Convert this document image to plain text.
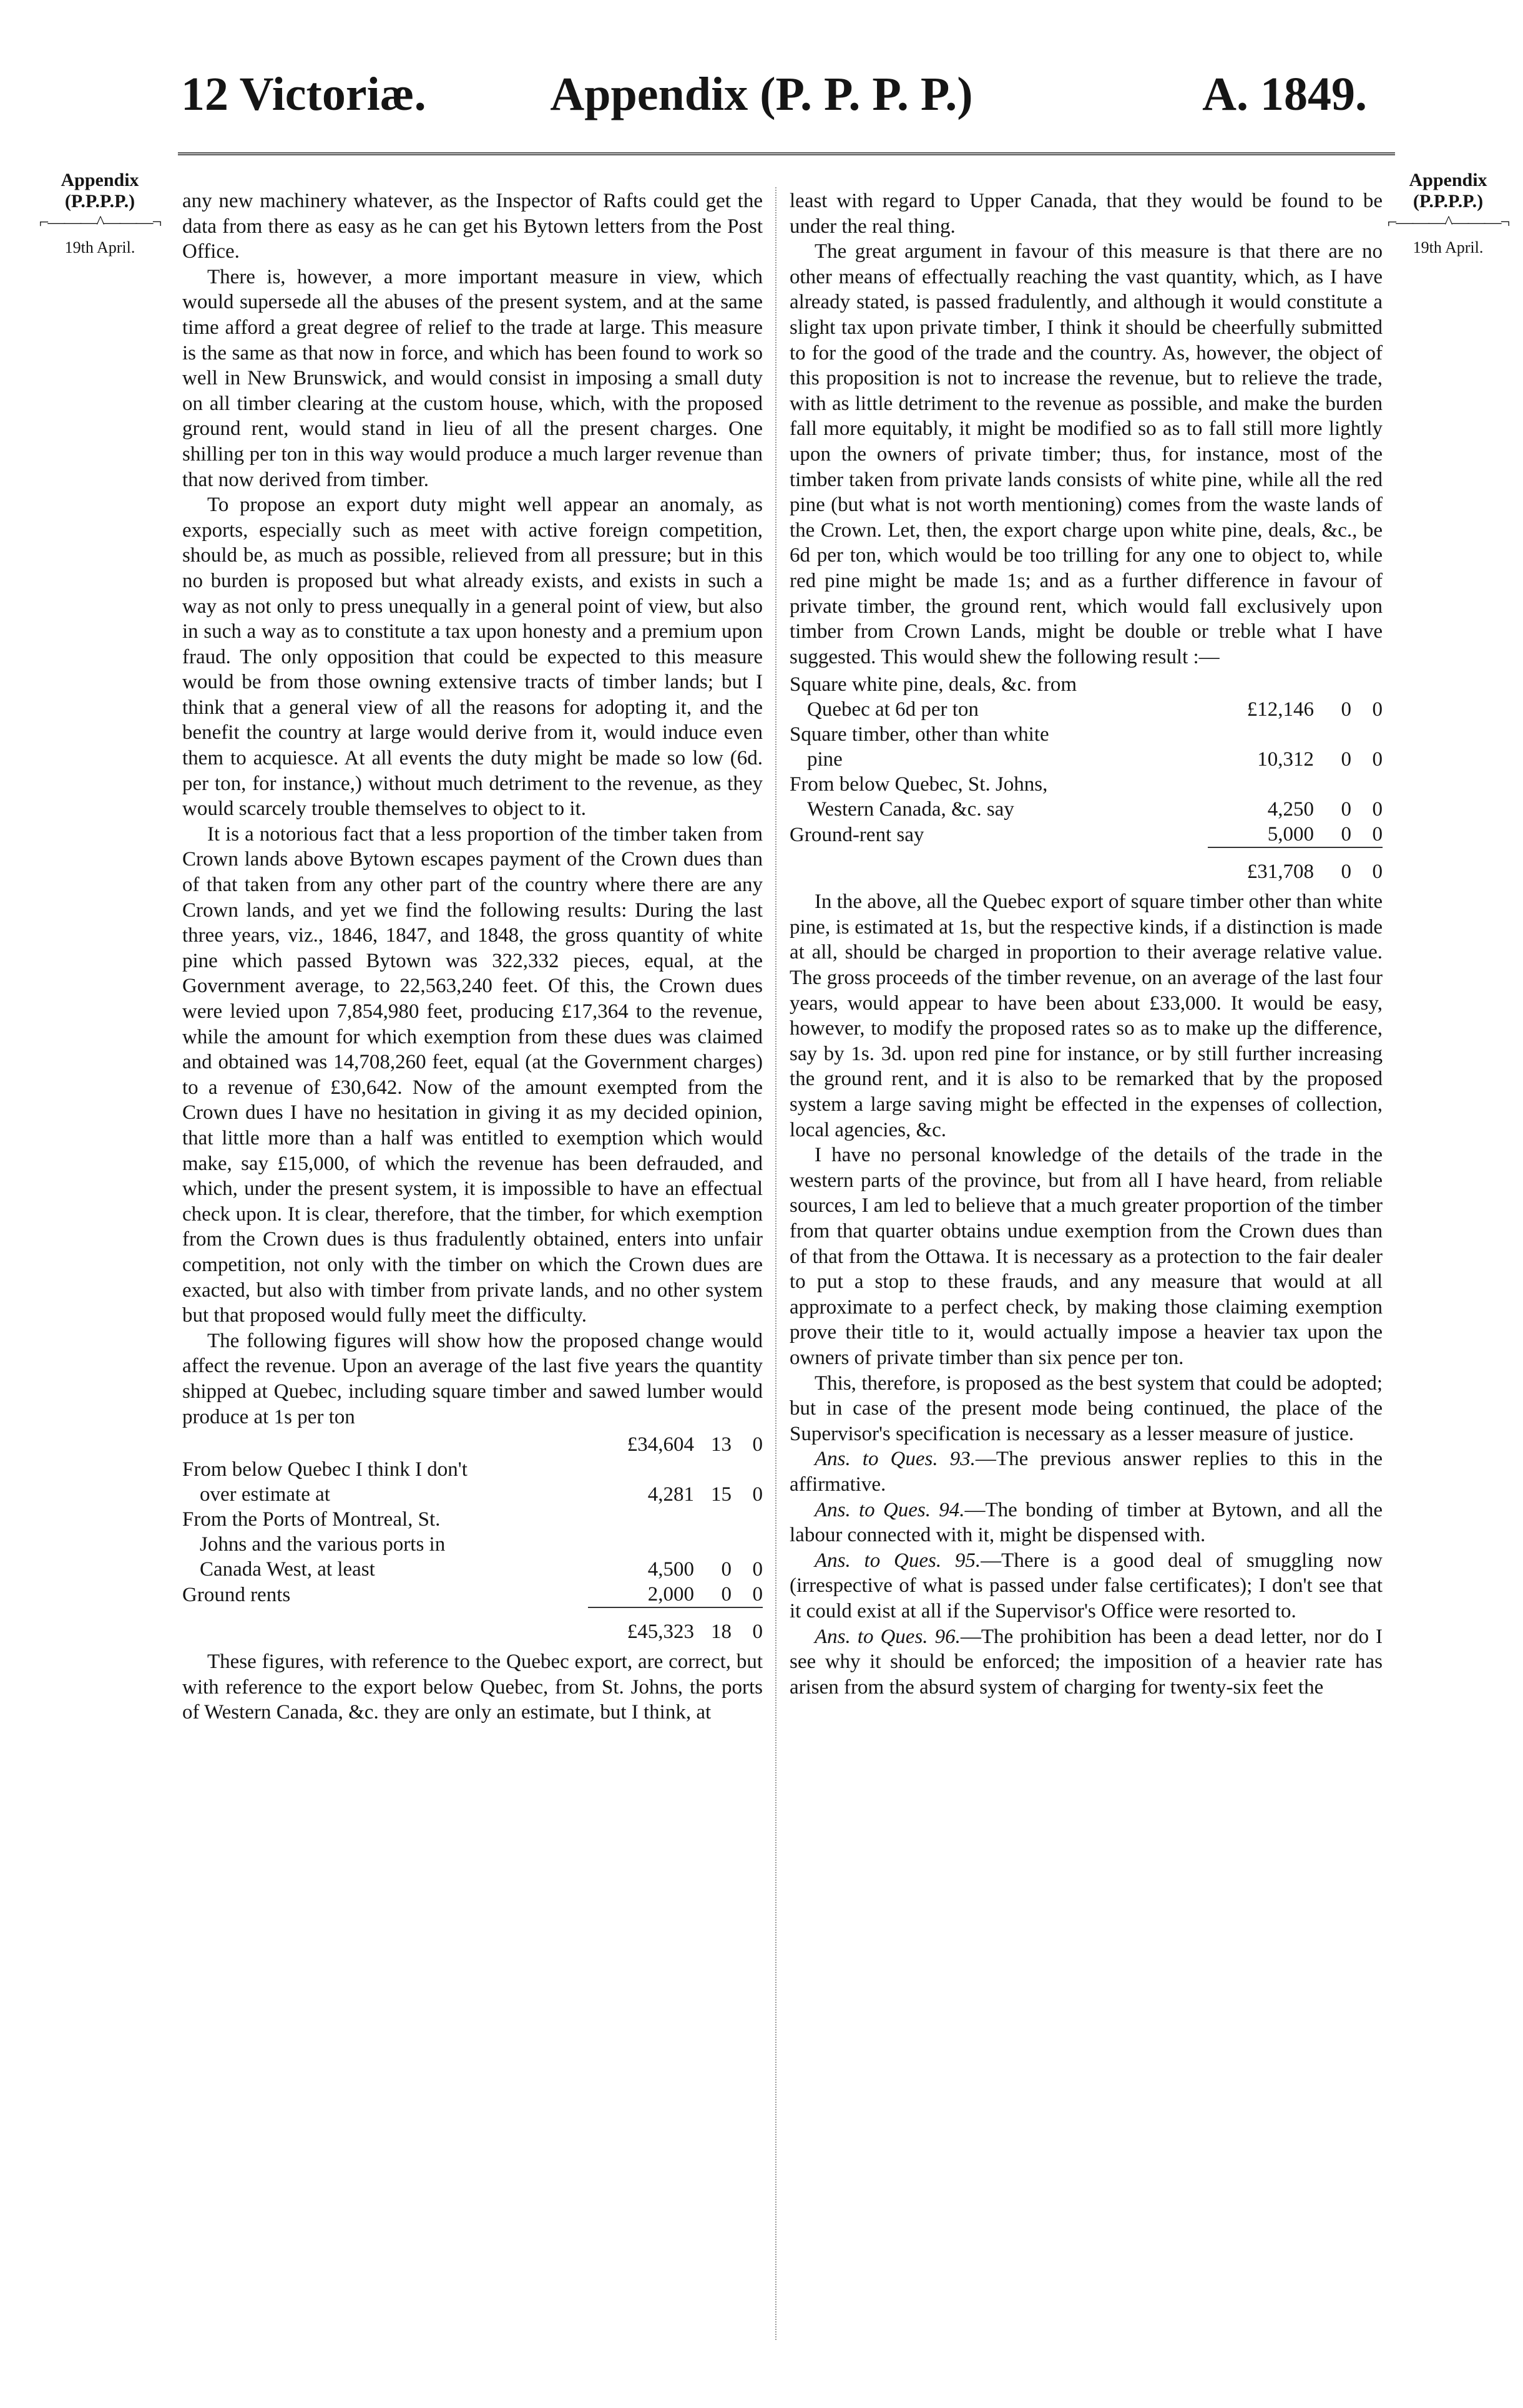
12 Victoriæ.	Appendix (P. P. P. P.)	A. 1849.
Appendix
(P.P.P.P.)
⌐———^———¬
19th April.
Appendix
(P.P.P.P.)
⌐———^———¬
19th April.

any new machinery whatever, as the Inspector of Rafts could get the data from there as easy as he can get his Bytown letters from the Post Office.

There is, however, a more important measure in view, which would supersede all the abuses of the present system, and at the same time afford a great degree of relief to the trade at large. This measure is the same as that now in force, and which has been found to work so well in New Brunswick, and would consist in imposing a small duty on all timber clearing at the custom house, which, with the proposed ground rent, would stand in lieu of all the present charges. One shilling per ton in this way would produce a much larger revenue than that now derived from timber.

To propose an export duty might well appear an anomaly, as exports, especially such as meet with active foreign competition, should be, as much as possible, relieved from all pressure; but in this no burden is proposed but what already exists, and exists in such a way as not only to press unequally in a general point of view, but also in such a way as to constitute a tax upon honesty and a premium upon fraud. The only opposition that could be expected to this measure would be from those owning extensive tracts of timber lands; but I think that a general view of all the reasons for adopting it, and the benefit the country at large would derive from it, would induce even them to acquiesce. At all events the duty might be made so low (6d. per ton, for instance,) without much detriment to the revenue, as they would scarcely trouble themselves to object to it.

It is a notorious fact that a less proportion of the timber taken from Crown lands above Bytown escapes payment of the Crown dues than of that taken from any other part of the country where there are any Crown lands, and yet we find the following results: During the last three years, viz., 1846, 1847, and 1848, the gross quantity of white pine which passed Bytown was 322,332 pieces, equal, at the Government average, to 22,563,240 feet. Of this, the Crown dues were levied upon 7,854,980 feet, producing £17,364 to the revenue, while the amount for which exemption from these dues was claimed and obtained was 14,708,260 feet, equal (at the Government charges) to a revenue of £30,642. Now of the amount exempted from the Crown dues I have no hesitation in giving it as my decided opinion, that little more than a half was entitled to exemption which would make, say £15,000, of which the revenue has been defrauded, and which, under the present system, it is impossible to have an effectual check upon. It is clear, therefore, that the timber, for which exemption from the Crown dues is thus fradulently obtained, enters into unfair competition, not only with the timber on which the Crown dues are exacted, but also with timber from private lands, and no other system but that proposed would fully meet the difficulty.

The following figures will show how the proposed change would affect the revenue. Upon an average of the last five years the quantity shipped at Quebec, including square timber and sawed lumber would produce at 1s per ton

	£34,604	13	0
From below Quebec I think I don't
over estimate at	4,281	15	0
From the Ports of Montreal, St.
Johns and the various ports in
Canada West, at least	4,500	0	0
Ground rents	2,000	0	0
	£45,323	18	0

These figures, with reference to the Quebec export, are correct, but with reference to the export below Quebec, from St. Johns, the ports of Western Canada, &c. they are only an estimate, but I think, at

least with regard to Upper Canada, that they would be found to be under the real thing.

The great argument in favour of this measure is that there are no other means of effectually reaching the vast quantity, which, as I have already stated, is passed fradulently, and although it would constitute a slight tax upon private timber, I think it should be cheerfully submitted to for the good of the trade and the country. As, however, the object of this proposition is not to increase the revenue, but to relieve the trade, with as little detriment to the revenue as possible, and make the burden fall more equitably, it might be modified so as to fall still more lightly upon the owners of private timber; thus, for instance, most of the timber taken from private lands consists of white pine, while all the red pine (but what is not worth mentioning) comes from the waste lands of the Crown. Let, then, the export charge upon white pine, deals, &c., be 6d per ton, which would be too trilling for any one to object to, while red pine might be made 1s; and as a further difference in favour of private timber, the ground rent, which would fall exclusively upon timber from Crown Lands, might be double or treble what I have suggested. This would shew the following result :—

Square white pine, deals, &c. from
Quebec at 6d per ton	£12,146	0	0
Square timber, other than white
pine	10,312	0	0
From below Quebec, St. Johns,
Western Canada, &c. say	4,250	0	0
Ground-rent say	5,000	0	0
	£31,708	0	0

In the above, all the Quebec export of square timber other than white pine, is estimated at 1s, but the respective kinds, if a distinction is made at all, should be charged in proportion to their average relative value. The gross proceeds of the timber revenue, on an average of the last four years, would appear to have been about £33,000. It would be easy, however, to modify the proposed rates so as to make up the difference, say by 1s. 3d. upon red pine for instance, or by still further increasing the ground rent, and it is also to be remarked that by the proposed system a large saving might be effected in the expenses of collection, local agencies, &c.

I have no personal knowledge of the details of the trade in the western parts of the province, but from all I have heard, from reliable sources, I am led to believe that a much greater proportion of the timber from that quarter obtains undue exemption from the Crown dues than of that from the Ottawa. It is necessary as a protection to the fair dealer to put a stop to these frauds, and any measure that would at all approximate to a perfect check, by making those claiming exemption prove their title to it, would actually impose a heavier tax upon the owners of private timber than six pence per ton.

This, therefore, is proposed as the best system that could be adopted; but in case of the present mode being continued, the place of the Supervisor's specification is necessary as a lesser measure of justice.

Ans. to Ques. 93.—The previous answer replies to this in the affirmative.

Ans. to Ques. 94.—The bonding of timber at Bytown, and all the labour connected with it, might be dispensed with.

Ans. to Ques. 95.—There is a good deal of smuggling now (irrespective of what is passed under false certificates); I don't see that it could exist at all if the Supervisor's Office were resorted to.

Ans. to Ques. 96.—The prohibition has been a dead letter, nor do I see why it should be enforced; the imposition of a heavier rate has arisen from the absurd system of charging for twenty-six feet the
